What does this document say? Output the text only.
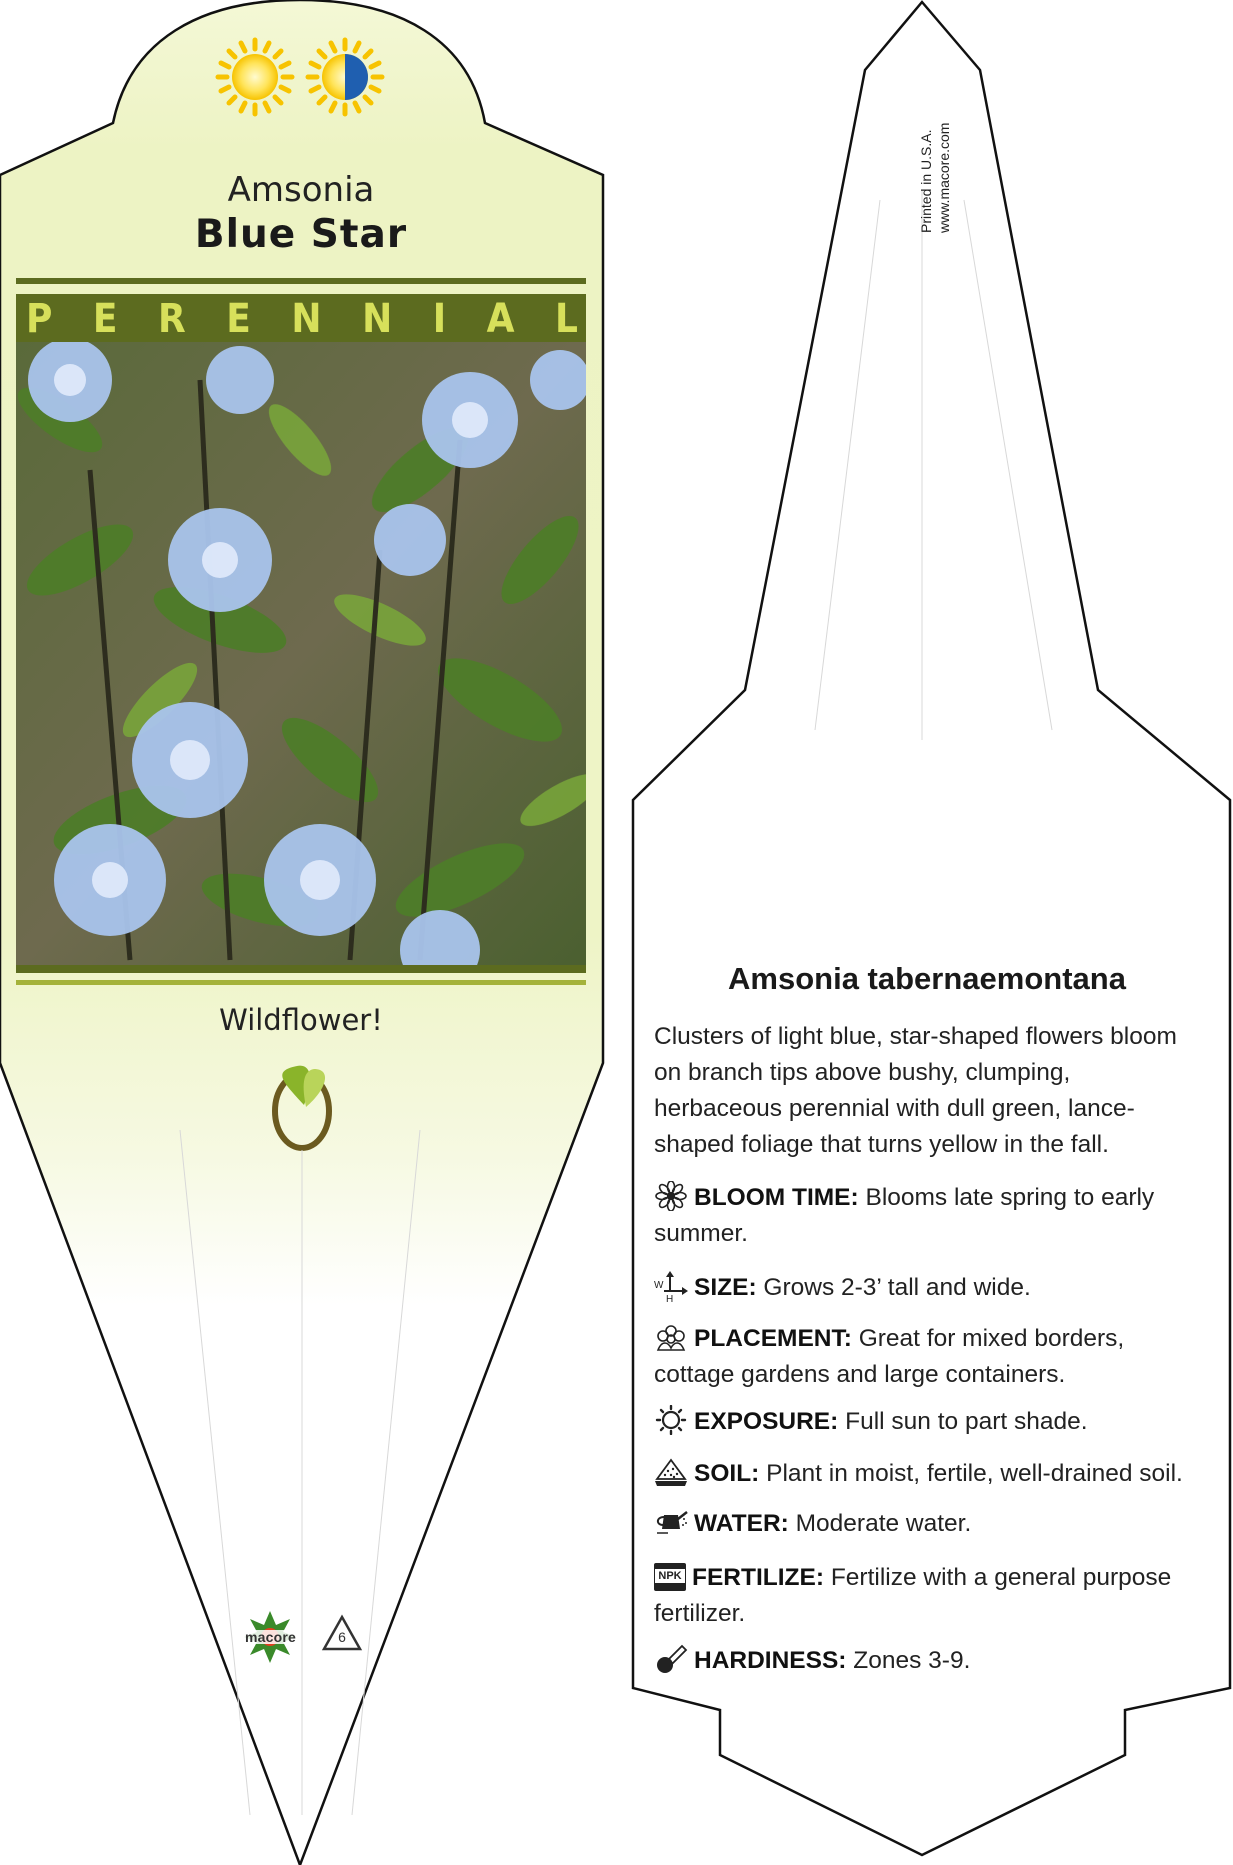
Amsonia
Blue Star
P E R E N N I A L
Wildflower!
macore	6
Printed in U.S.A. www.macore.com
Amsonia tabernaemontana
Clusters of light blue, star-shaped flowers bloom on branch tips above bushy, clumping, herbaceous perennial with dull green, lance-shaped foliage that turns yellow in the fall.
BLOOM TIME: Blooms late spring to early summer.
W
H SIZE: Grows 2-3’ tall and wide.
PLACEMENT: Great for mixed borders, cottage gardens and large containers.
EXPOSURE: Full sun to part shade.
SOIL: Plant in moist, fertile, well-drained soil.
WATER: Moderate water.
NPK FERTILIZE: Fertilize with a general purpose fertilizer.
HARDINESS: Zones 3-9.
